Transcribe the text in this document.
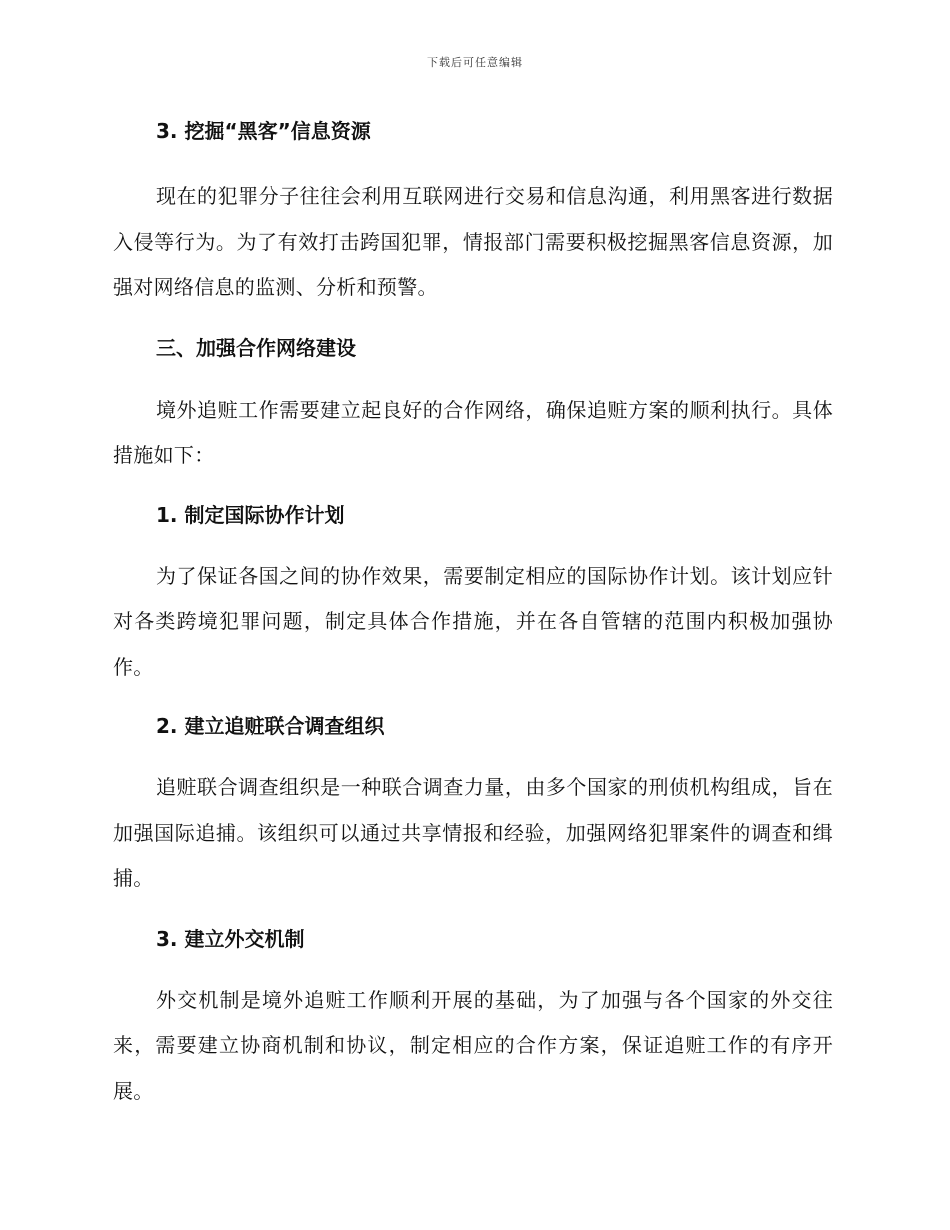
下载后可任意编辑

3. 挖掘“黑客”信息资源

现在的犯罪分子往往会利用互联网进行交易和信息沟通，利用黑客进行数据入侵等行为。为了有效打击跨国犯罪，情报部门需要积极挖掘黑客信息资源，加强对网络信息的监测、分析和预警。

三、加强合作网络建设

境外追赃工作需要建立起良好的合作网络，确保追赃方案的顺利执行。具体措施如下：

1. 制定国际协作计划

为了保证各国之间的协作效果，需要制定相应的国际协作计划。该计划应针对各类跨境犯罪问题，制定具体合作措施，并在各自管辖的范围内积极加强协作。

2. 建立追赃联合调查组织

追赃联合调查组织是一种联合调查力量，由多个国家的刑侦机构组成，旨在加强国际追捕。该组织可以通过共享情报和经验，加强网络犯罪案件的调查和缉捕。

3. 建立外交机制

外交机制是境外追赃工作顺利开展的基础，为了加强与各个国家的外交往来，需要建立协商机制和协议，制定相应的合作方案，保证追赃工作的有序开展。
